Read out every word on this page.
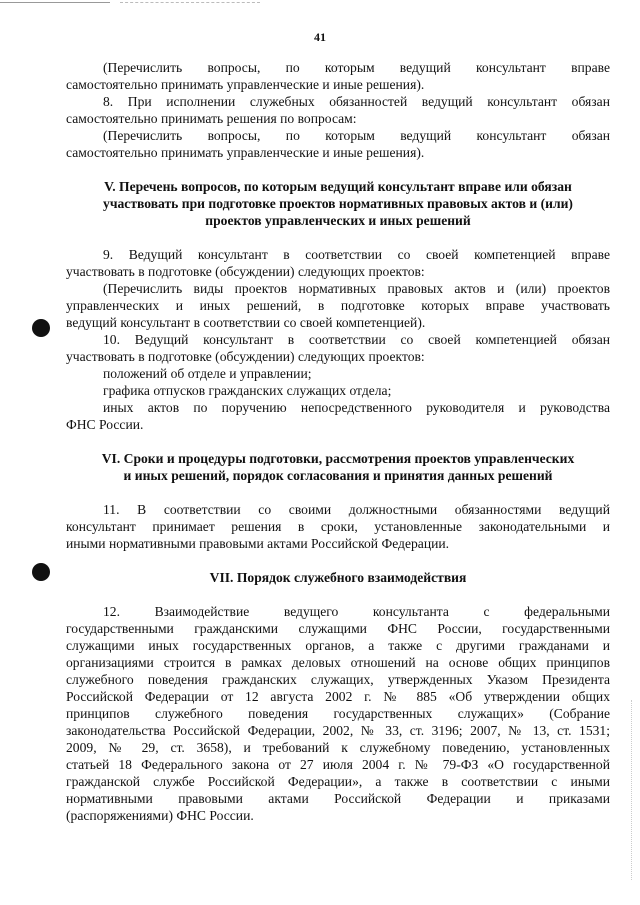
41

(Перечислить вопросы, по которым ведущий консультант вправе

самостоятельно принимать управленческие и иные решения).

8. При исполнении служебных обязанностей ведущий консультант обязан

самостоятельно принимать решения по вопросам:

(Перечислить вопросы, по которым ведущий консультант обязан

самостоятельно принимать управленческие и иные решения).

V. Перечень вопросов, по которым ведущий консультант вправе или обязан

участвовать при подготовке проектов нормативных правовых актов и (или)

проектов управленческих и иных решений

9. Ведущий консультант в соответствии со своей компетенцией вправе

участвовать в подготовке (обсуждении) следующих проектов:

(Перечислить виды проектов нормативных правовых актов и (или) проектов

управленческих и иных решений, в подготовке которых вправе участвовать

ведущий консультант в соответствии со своей компетенцией).

10. Ведущий консультант в соответствии со своей компетенцией обязан

участвовать в подготовке (обсуждении) следующих проектов:

положений об отделе и управлении;

графика отпусков гражданских служащих отдела;

иных актов по поручению непосредственного руководителя и руководства

ФНС России.

VI. Сроки и процедуры подготовки, рассмотрения проектов управленческих

и иных решений, порядок согласования и принятия данных решений

11. В соответствии со своими должностными обязанностями ведущий

консультант принимает решения в сроки, установленные законодательными и

иными нормативными правовыми актами Российской Федерации.

VII. Порядок служебного взаимодействия

12. Взаимодействие ведущего консультанта с федеральными

государственными гражданскими служащими ФНС России, государственными

служащими иных государственных органов, а также с другими гражданами и

организациями строится в рамках деловых отношений на основе общих принципов

служебного поведения гражданских служащих, утвержденных Указом Президента

Российской Федерации от 12 августа 2002 г. № 885 «Об утверждении общих

принципов служебного поведения государственных служащих» (Собрание

законодательства Российской Федерации, 2002, № 33, ст. 3196; 2007, № 13, ст. 1531;

2009, № 29, ст. 3658), и требований к служебному поведению, установленных

статьей 18 Федерального закона от 27 июля 2004 г. № 79-ФЗ «О государственной

гражданской службе Российской Федерации», а также в соответствии с иными

нормативными правовыми актами Российской Федерации и приказами

(распоряжениями) ФНС России.
